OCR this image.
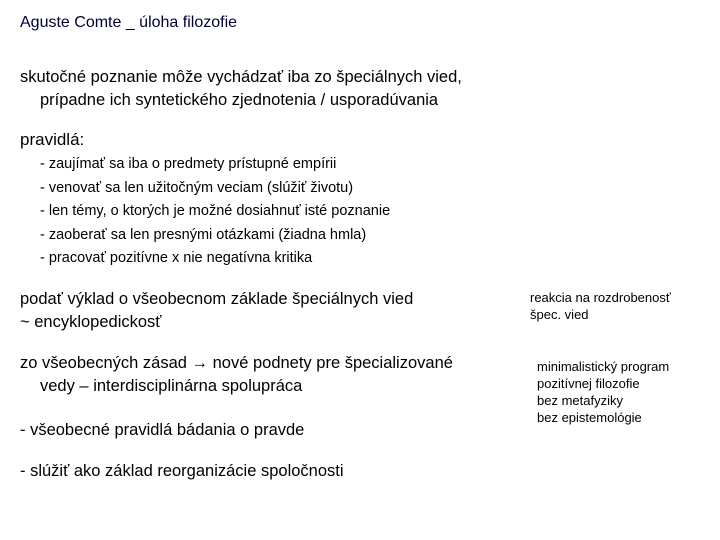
Aguste Comte _ úloha filozofie
skutočné poznanie môže vychádzať iba zo špeciálnych vied,
prípadne ich syntetického zjednotenia / usporadúvania
pravidlá:
- zaujímať sa iba o predmety prístupné empírii
- venovať sa len užitočným veciam (slúžiť životu)
- len témy, o ktorých je možné dosiahnuť isté poznanie
- zaoberať sa len presnými otázkami (žiadna hmla)
- pracovať pozitívne x nie negatívna kritika
podať výklad o všeobecnom základe špeciálnych vied
~ encyklopedickosť
zo všeobecných zásad → nové podnety pre špecializované
vedy – interdisciplinárna spolupráca
- všeobecné pravidlá bádania o pravde
- slúžiť ako základ reorganizácie spoločnosti
reakcia na rozdrobenosť
špec. vied
minimalistický program
pozitívnej filozofie
bez metafyziky
bez epistemológie
